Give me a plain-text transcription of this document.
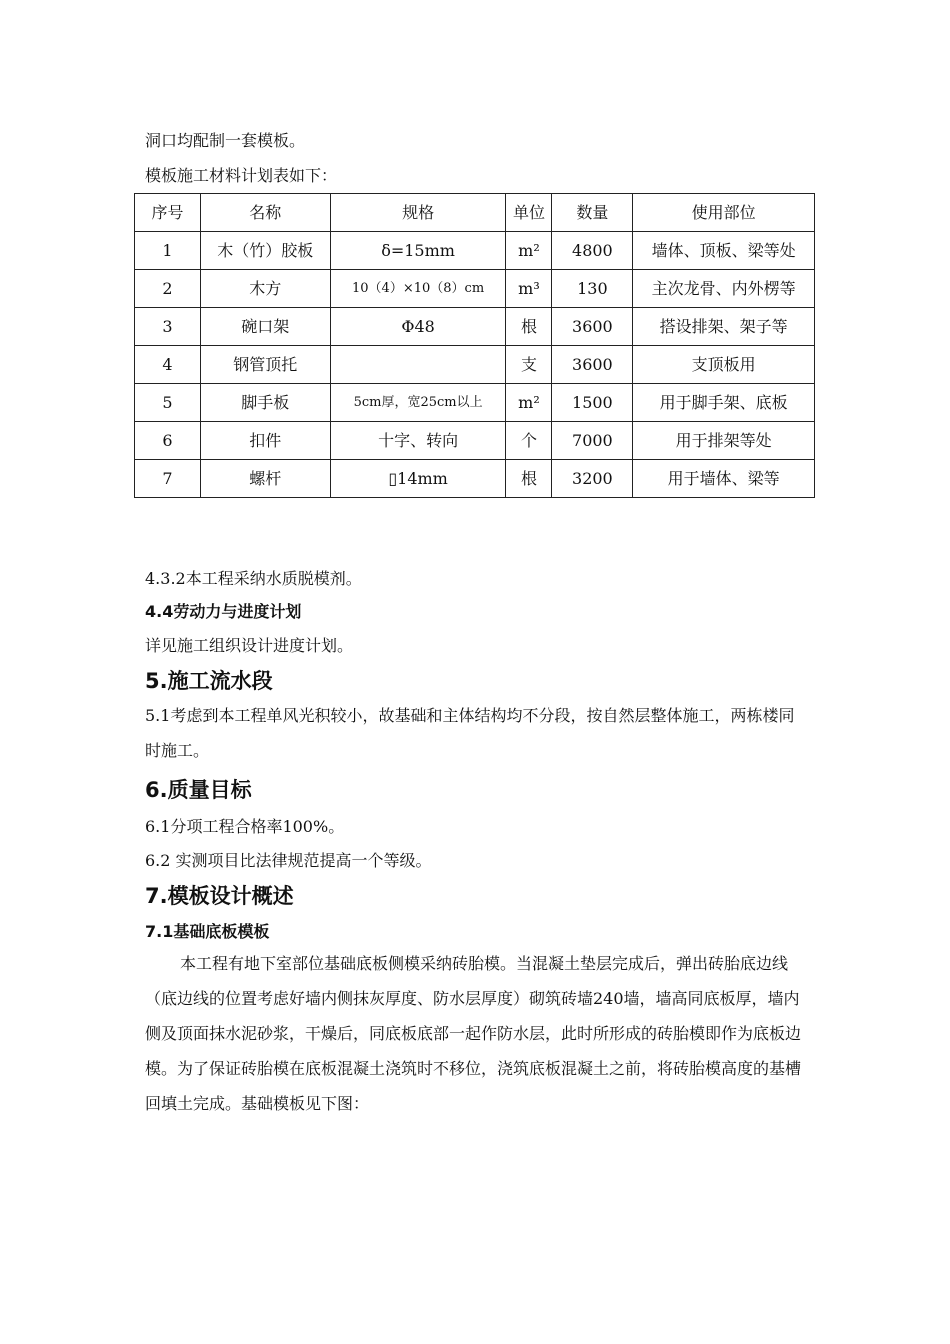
洞口均配制一套模板。
模板施工材料计划表如下：
序号	名称	规格	单位	数量	使用部位
1	木（竹）胶板	δ=15mm	m²	4800	墙体、顶板、梁等处
2	木方	10（4）×10（8）cm	m³	130	主次龙骨、内外楞等
3	碗口架	Φ48	根	3600	搭设排架、架子等
4	钢管顶托		支	3600	支顶板用
5	脚手板	5cm厚，宽25cm以上	m²	1500	用于脚手架、底板
6	扣件	十字、转向	个	7000	用于排架等处
7	螺杆	▯14mm	根	3200	用于墙体、梁等
4.3.2本工程采纳水质脱模剂。
4.4劳动力与进度计划
详见施工组织设计进度计划。
5.施工流水段
5.1考虑到本工程单风光积较小，故基础和主体结构均不分段，按自然层整体施工，两栋楼同时施工。
6.质量目标
6.1分项工程合格率100%。
6.2 实测项目比法律规范提高一个等级。
7.模板设计概述
7.1基础底板模板
本工程有地下室部位基础底板侧模采纳砖胎模。当混凝土垫层完成后，弹出砖胎底边线（底边线的位置考虑好墙内侧抹灰厚度、防水层厚度）砌筑砖墙240墙，墙高同底板厚，墙内侧及顶面抹水泥砂浆，干燥后，同底板底部一起作防水层，此时所形成的砖胎模即作为底板边模。为了保证砖胎模在底板混凝土浇筑时不移位，浇筑底板混凝土之前，将砖胎模高度的基槽回填土完成。基础模板见下图：
